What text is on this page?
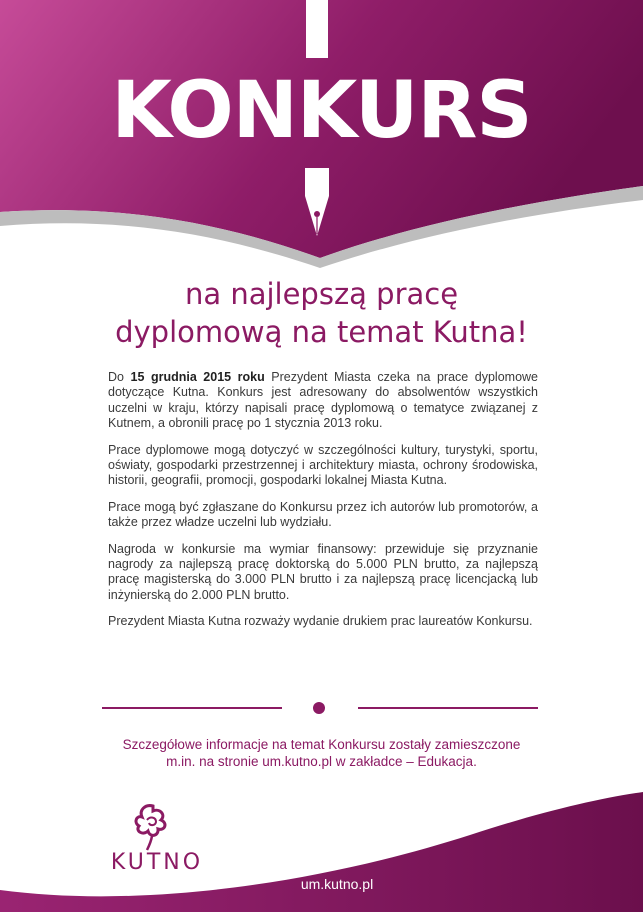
KONKURS
na najlepszą pracę
dyplomową na temat Kutna!

Do 15 grudnia 2015 roku Prezydent Miasta czeka na prace dyplomowe dotyczące Kutna. Konkurs jest adresowany do absolwentów wszystkich uczelni w kraju, którzy napisali pracę dyplomową o tematyce związanej z Kutnem, a obronili pracę po 1 stycznia 2013 roku.

Prace dyplomowe mogą dotyczyć w szczególności kultury, turystyki, sportu, oświaty, gospodarki przestrzennej i architektury miasta, ochrony środowiska, historii, geografii, promocji, gospodarki lokalnej Miasta Kutna.

Prace mogą być zgłaszane do Konkursu przez ich autorów lub promotorów, a także przez władze uczelni lub wydziału.

Nagroda w konkursie ma wymiar finansowy: przewiduje się przyznanie nagrody za najlepszą pracę doktorską do 5.000 PLN brutto, za najlepszą pracę magisterską do 3.000 PLN brutto i za najlepszą pracę licencjacką lub inżynierską do 2.000 PLN brutto.

Prezydent Miasta Kutna rozważy wydanie drukiem prac laureatów Konkursu.

Szczegółowe informacje na temat Konkursu zostały zamieszczone
m.in. na stronie um.kutno.pl w zakładce – Edukacja.
KUTNO
um.kutno.pl
